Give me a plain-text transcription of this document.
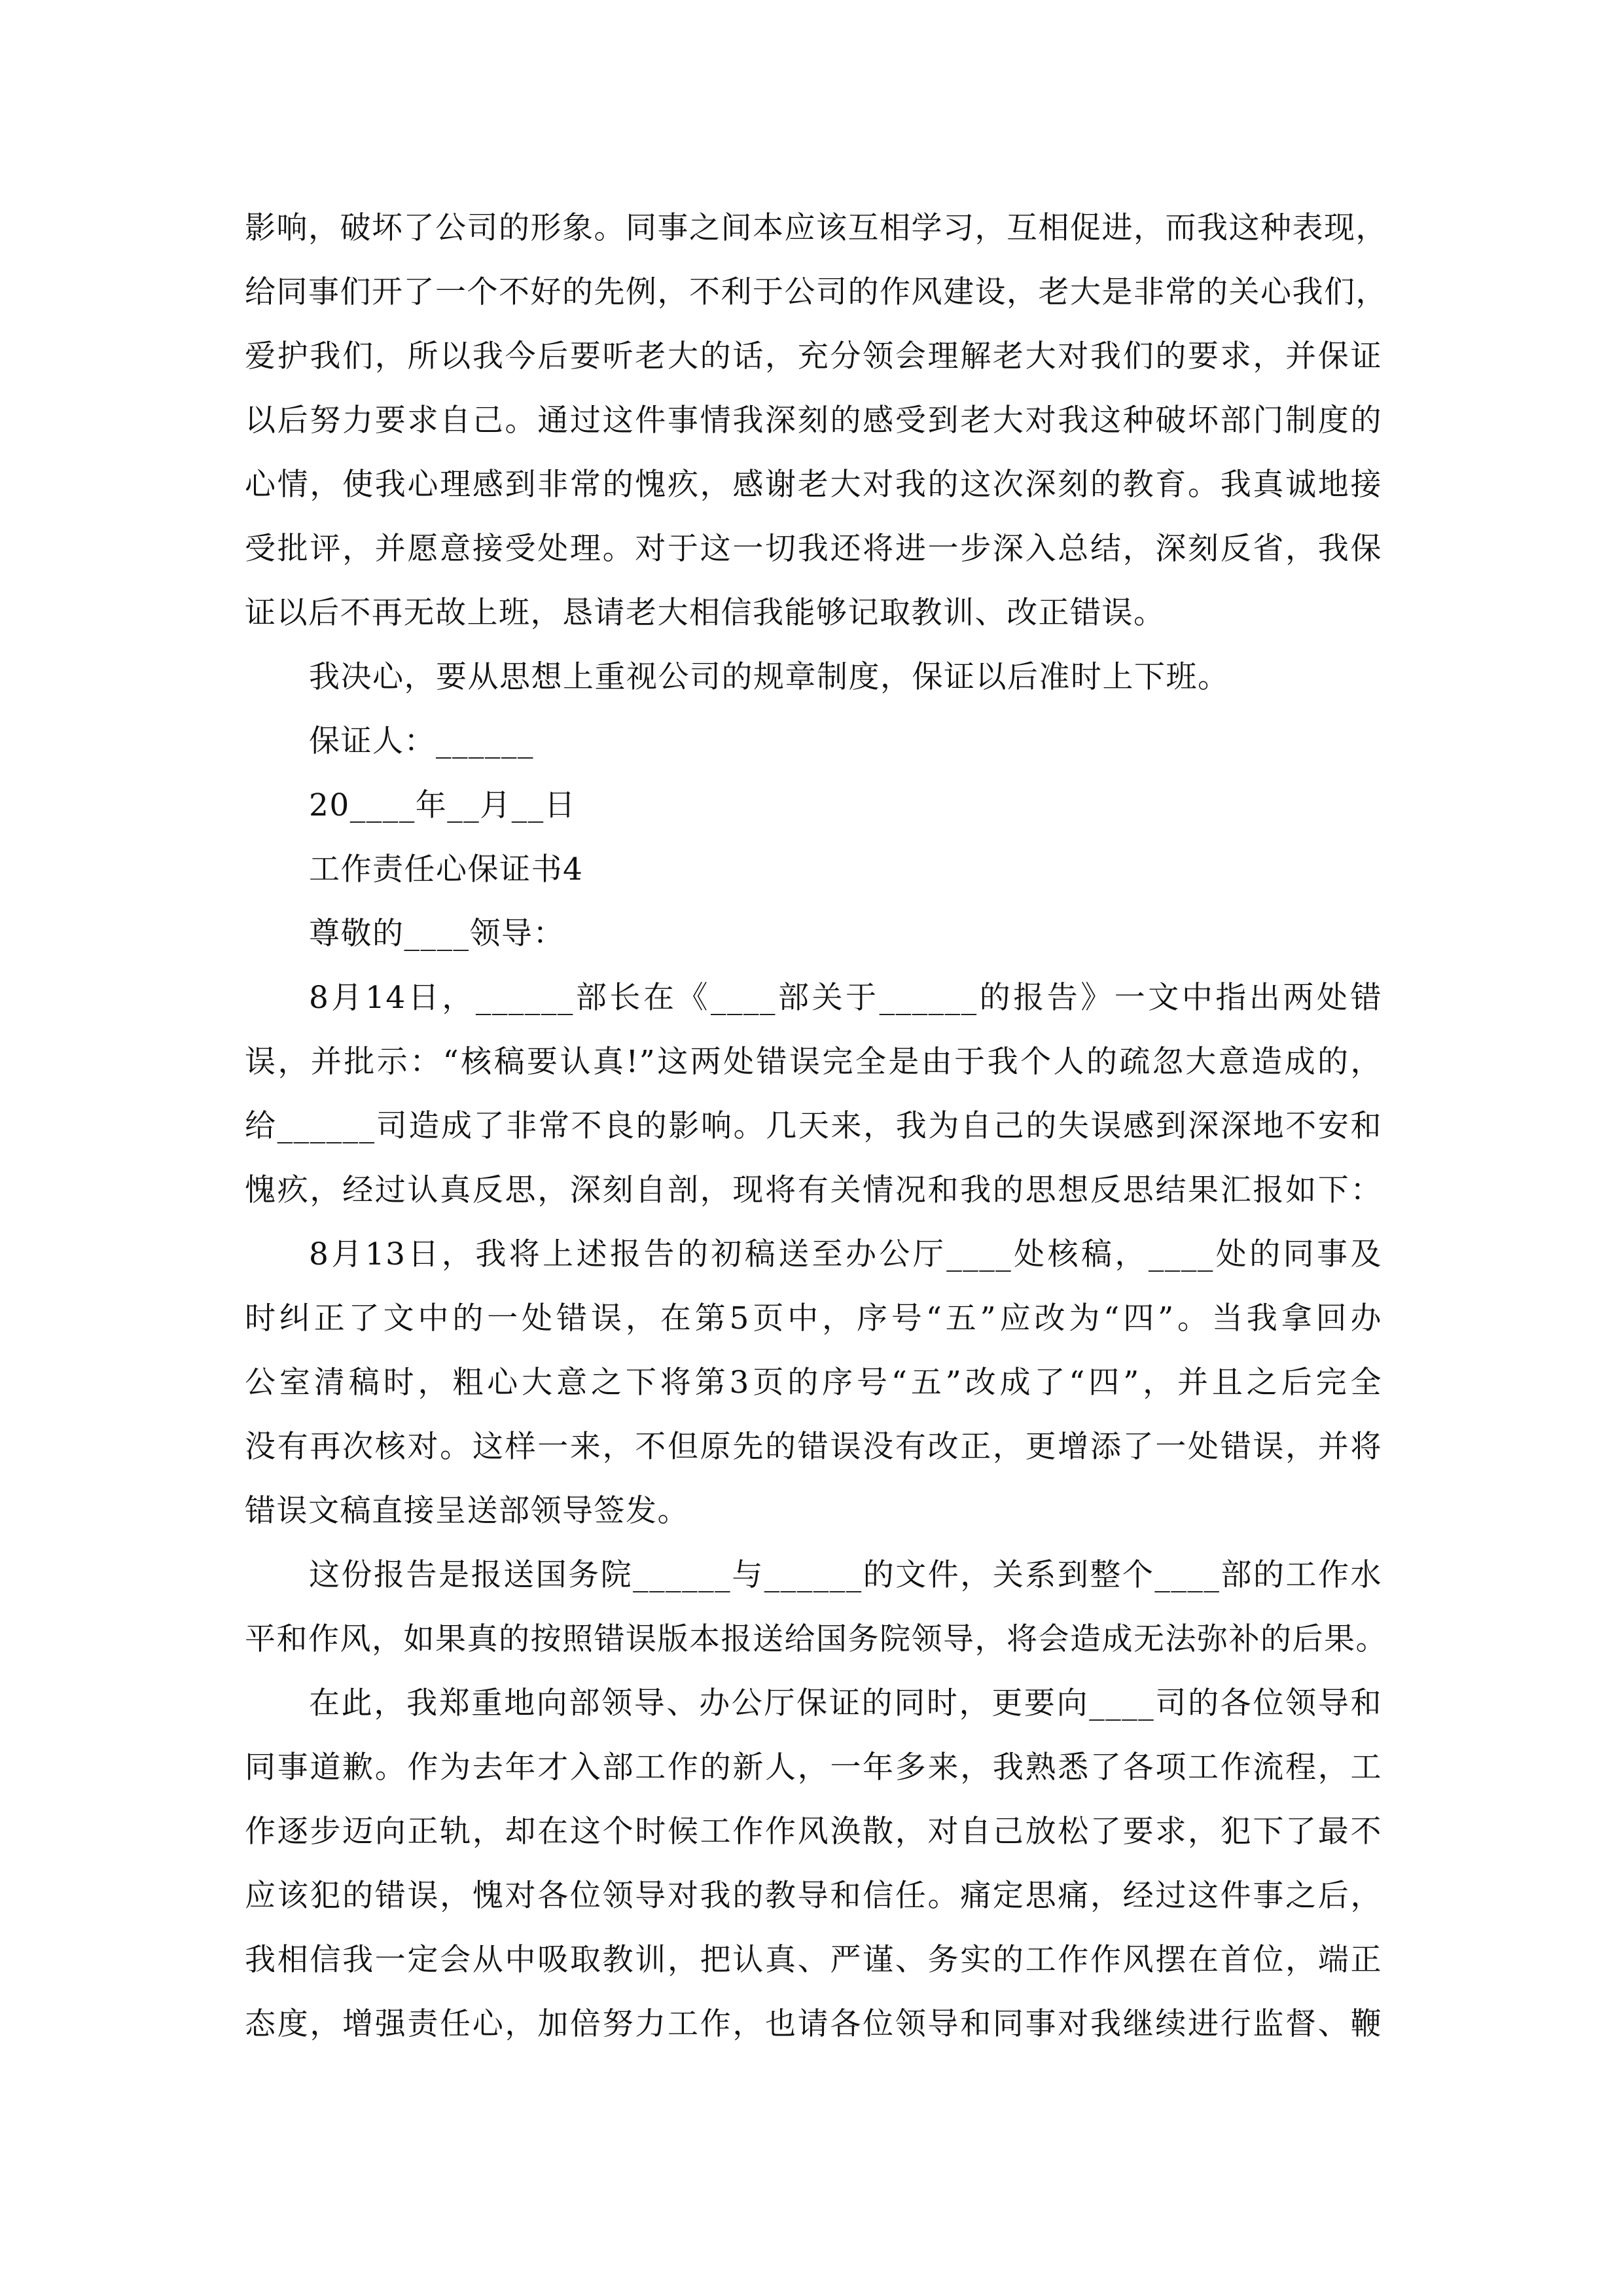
影响，破坏了公司的形象。同事之间本应该互相学习，互相促进，而我这种表现，
给同事们开了一个不好的先例，不利于公司的作风建设，老大是非常的关心我们，
爱护我们，所以我今后要听老大的话，充分领会理解老大对我们的要求，并保证
以后努力要求自己。通过这件事情我深刻的感受到老大对我这种破坏部门制度的
心情，使我心理感到非常的愧疚，感谢老大对我的这次深刻的教育。我真诚地接
受批评，并愿意接受处理。对于这一切我还将进一步深入总结，深刻反省，我保
证以后不再无故上班，恳请老大相信我能够记取教训、改正错误。
我决心，要从思想上重视公司的规章制度，保证以后准时上下班。
保证人：______
20____年__月__日
工作责任心保证书4
尊敬的____领导：
8月14日，______部长在《____部关于______的报告》一文中指出两处错
误，并批示：“核稿要认真!”这两处错误完全是由于我个人的疏忽大意造成的，
给______司造成了非常不良的影响。几天来，我为自己的失误感到深深地不安和
愧疚，经过认真反思，深刻自剖，现将有关情况和我的思想反思结果汇报如下：
8月13日，我将上述报告的初稿送至办公厅____处核稿，____处的同事及
时纠正了文中的一处错误，在第5页中，序号“五”应改为“四”。当我拿回办
公室清稿时，粗心大意之下将第3页的序号“五”改成了“四”，并且之后完全
没有再次核对。这样一来，不但原先的错误没有改正，更增添了一处错误，并将
错误文稿直接呈送部领导签发。
这份报告是报送国务院______与______的文件，关系到整个____部的工作水
平和作风，如果真的按照错误版本报送给国务院领导，将会造成无法弥补的后果。
在此，我郑重地向部领导、办公厅保证的同时，更要向____司的各位领导和
同事道歉。作为去年才入部工作的新人，一年多来，我熟悉了各项工作流程，工
作逐步迈向正轨，却在这个时候工作作风涣散，对自己放松了要求，犯下了最不
应该犯的错误，愧对各位领导对我的教导和信任。痛定思痛，经过这件事之后，
我相信我一定会从中吸取教训，把认真、严谨、务实的工作作风摆在首位，端正
态度，增强责任心，加倍努力工作，也请各位领导和同事对我继续进行监督、鞭
